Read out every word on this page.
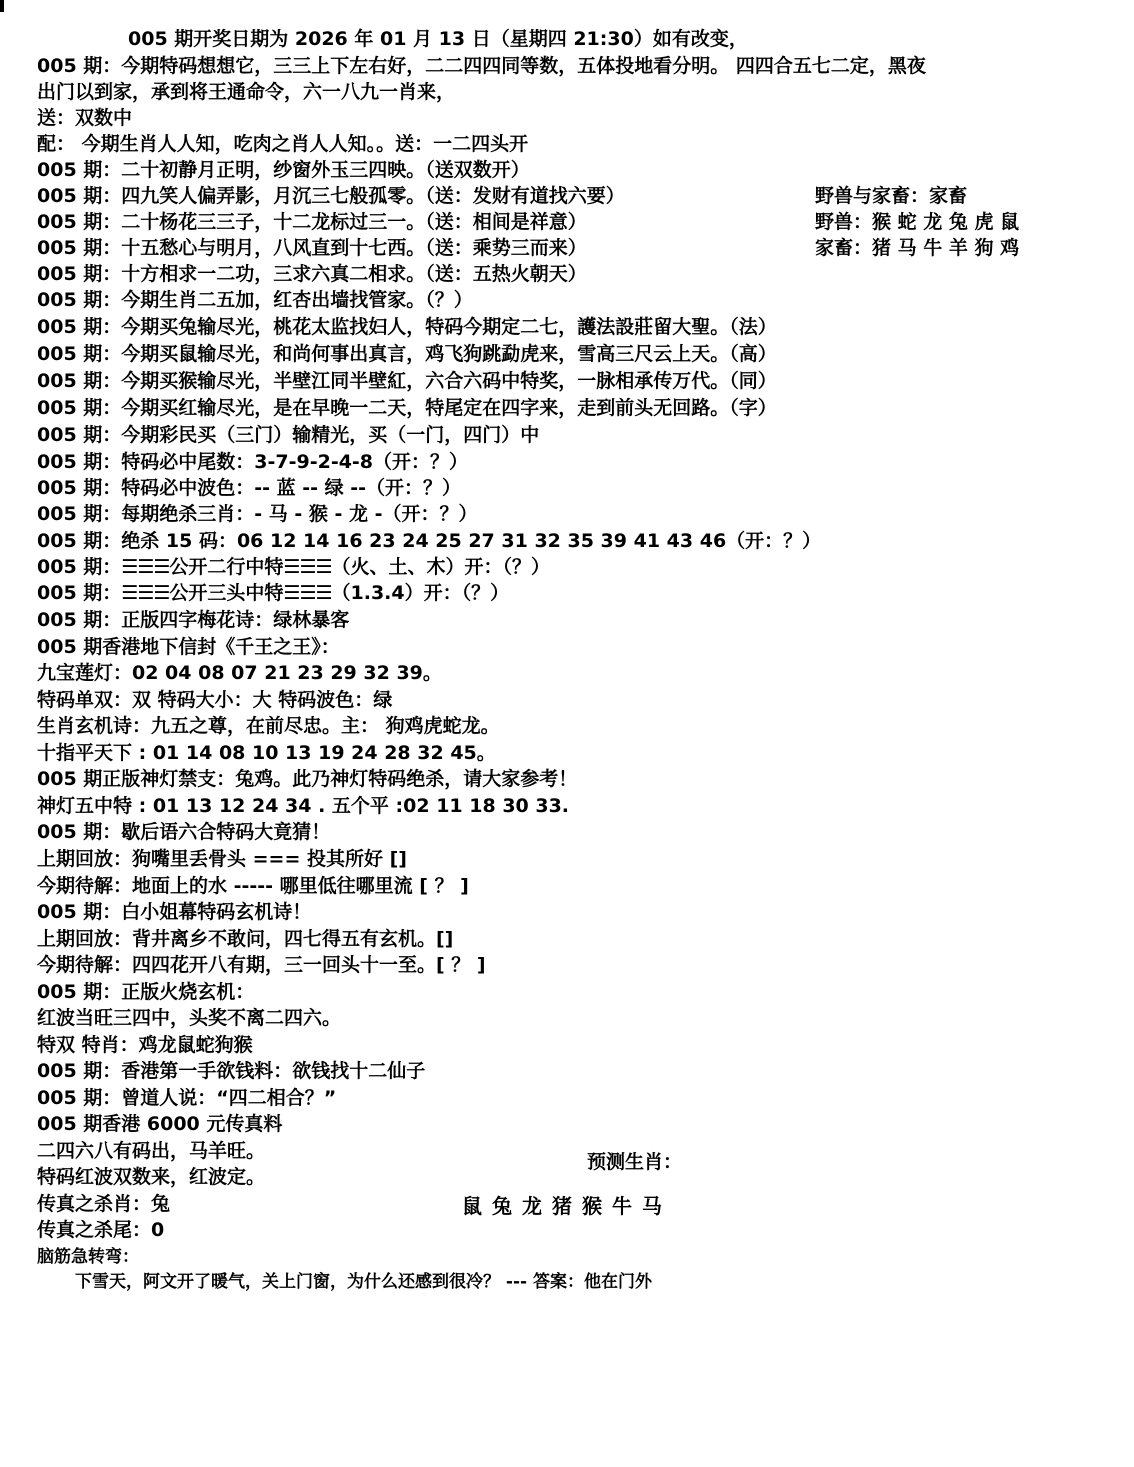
005 期开奖日期为 2026 年 01 月 13 日（星期四 21:30）如有改变，
005 期：今期特码想想它，三三上下左右好，二二四四同等数，五体投地看分明。 四四合五七二定，黑夜
出门以到家，承到将王通命令，六一八九一肖来，
送：双数中
配： 今期生肖人人知，吃肉之肖人人知。。送：一二四头开
005 期：二十初静月正明，纱窗外玉三四映。（送双数开）
005 期：四九笑人偏弄影，月沉三七般孤零。（送：发财有道找六要）
005 期：二十杨花三三子，十二龙标过三一。（送：相间是祥意）
005 期：十五愁心与明月，八风直到十七西。（送：乘势三而来）
005 期：十方相求一二功，三求六真二相求。（送：五热火朝天）
005 期：今期生肖二五加，红杏出墙找管家。（？）
005 期：今期买兔输尽光，桃花太监找妇人，特码今期定二七，護法設莊留大聖。（法）
005 期：今期买鼠输尽光，和尚何事出真言，鸡飞狗跳勐虎来，雪高三尺云上天。（高）
005 期：今期买猴输尽光，半壁江同半壁紅，六合六码中特奖，一脉相承传万代。（同）
005 期：今期买红输尽光，是在早晚一二天，特尾定在四字来，走到前头无回路。（字）
005 期：今期彩民买（三门）输精光，买（一门，四门）中
005 期：特码必中尾数：3-7-9-2-4-8（开：？）
005 期：特码必中波色：-- 蓝 -- 绿 --（开：？）
005 期：每期绝杀三肖：- 马 - 猴 - 龙 -（开：？）
005 期：绝杀 15 码：06 12 14 16 23 24 25 27 31 32 35 39 41 43 46（开：？）
005 期：☰☰☰公开二行中特☰☰☰（火、土、木）开：（？）
005 期：☰☰☰公开三头中特☰☰☰（1.3.4）开：（？）
005 期：正版四字梅花诗：绿林暴客
005 期香港地下信封《千王之王》：
九宝莲灯：02 04 08 07 21 23 29 32 39。
特码单双：双 特码大小：大 特码波色：绿
生肖玄机诗：九五之尊，在前尽忠。主： 狗鸡虎蛇龙。
十指平天下 : 01 14 08 10 13 19 24 28 32 45。
005 期正版神灯禁支：兔鸡。此乃神灯特码绝杀，请大家参考！
神灯五中特 : 01 13 12 24 34 . 五个平 :02 11 18 30 33.
005 期：歇后语六合特码大竟猜！
上期回放：狗嘴里丢骨头 === 投其所好 []
今期待解：地面上的水 ----- 哪里低往哪里流 [ ？ ]
005 期：白小姐幕特码玄机诗！
上期回放：背井离乡不敢问，四七得五有玄机。[]
今期待解：四四花开八有期，三一回头十一至。[ ？ ]
005 期：正版火烧玄机：
红波当旺三四中，头奖不离二四六。
特双 特肖：鸡龙鼠蛇狗猴
005 期：香港第一手欲钱料：欲钱找十二仙子
005 期：曾道人说：“四二相合？”
005 期香港 6000 元传真料
二四六八有码出，马羊旺。
特码红波双数来，红波定。
传真之杀肖：兔
传真之杀尾：0
脑筋急转弯：
下雪天，阿文开了暖气，关上门窗，为什么还感到很冷？ --- 答案：他在门外
野兽与家畜：家畜
野兽：猴 蛇 龙 兔 虎 鼠
家畜：猪 马 牛 羊 狗 鸡
预测生肖：
鼠兔龙猪猴牛马
